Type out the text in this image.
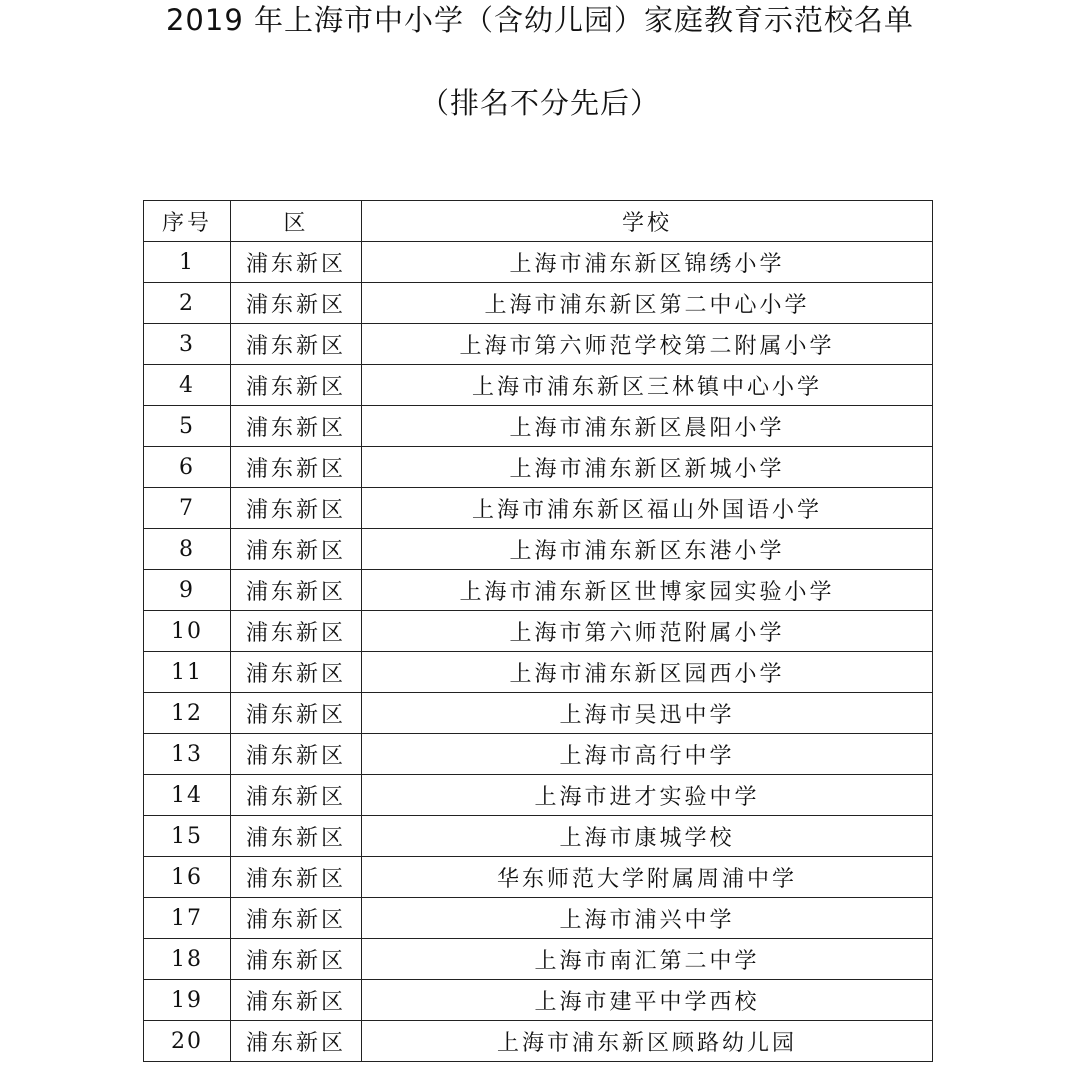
2019 年上海市中小学（含幼儿园）家庭教育示范校名单
（排名不分先后）
序号	区	学校
1	浦东新区	上海市浦东新区锦绣小学
2	浦东新区	上海市浦东新区第二中心小学
3	浦东新区	上海市第六师范学校第二附属小学
4	浦东新区	上海市浦东新区三林镇中心小学
5	浦东新区	上海市浦东新区晨阳小学
6	浦东新区	上海市浦东新区新城小学
7	浦东新区	上海市浦东新区福山外国语小学
8	浦东新区	上海市浦东新区东港小学
9	浦东新区	上海市浦东新区世博家园实验小学
10	浦东新区	上海市第六师范附属小学
11	浦东新区	上海市浦东新区园西小学
12	浦东新区	上海市吴迅中学
13	浦东新区	上海市高行中学
14	浦东新区	上海市进才实验中学
15	浦东新区	上海市康城学校
16	浦东新区	华东师范大学附属周浦中学
17	浦东新区	上海市浦兴中学
18	浦东新区	上海市南汇第二中学
19	浦东新区	上海市建平中学西校
20	浦东新区	上海市浦东新区顾路幼儿园
